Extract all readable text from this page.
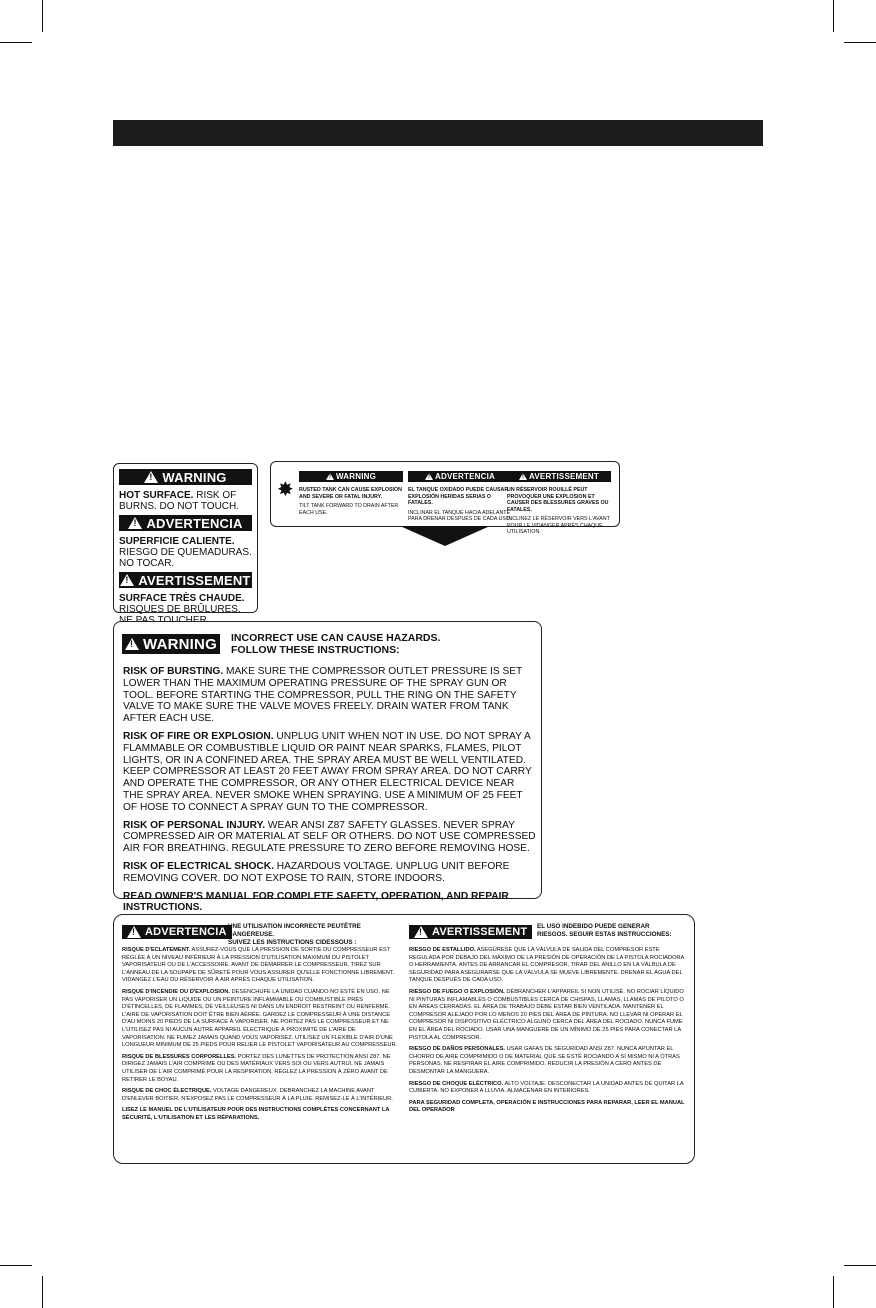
!
WARNING
HOT SURFACE. RISK OF BURNS. DO NOT TOUCH.
!
ADVERTENCIA
SUPERFICIE CALIENTE. RIESGO DE QUEMADURAS. NO TOCAR.
!
AVERTISSEMENT
SURFACE TRÈS CHAUDE. RISQUES DE BRÛLURES.
✸
!
WARNING
RUSTED TANK CAN CAUSE EXPLOSION AND SEVERE OR FATAL INJURY.
TILT TANK FORWARD TO DRAIN AFTER EACH USE.
!
ADVERTENCIA
EL TANQUE OXIDADO PUEDE CAUSAR EXPLOSIÓN HERIDAS SERIAS O FATALES.
INCLINAR EL TANQUE HACIA ADELANTE PARA DRENAR DESPUÉS DE CADA USO.
!
AVERTISSEMENT
UN RÉSERVOIR ROUILLÉ PEUT PROVOQUER UNE EXPLOSION ET CAUSER DES BLESSURES GRAVES OU FATALES.
INCLINEZ LE RÉSERVOIR VERS L'AVANT POUR LE VIDANGER APRÈS CHAQUE UTILISATION.
!
WARNING INCORRECT USE CAN CAUSE HAZARDS.
FOLLOW THESE INSTRUCTIONS:

RISK OF BURSTING. MAKE SURE THE COMPRESSOR OUTLET PRESSURE IS SET LOWER THAN THE MAXIMUM OPERATING PRESSURE OF THE SPRAY GUN OR TOOL. BEFORE STARTING THE COMPRESSOR, PULL THE RING ON THE SAFETY VALVE TO MAKE SURE THE VALVE MOVES FREELY. DRAIN WATER FROM TANK AFTER EACH USE.

RISK OF FIRE OR EXPLOSION. UNPLUG UNIT WHEN NOT IN USE. DO NOT SPRAY A FLAMMABLE OR COMBUSTIBLE LIQUID OR PAINT NEAR SPARKS, FLAMES, PILOT LIGHTS, OR IN A CONFINED AREA. THE SPRAY AREA MUST BE WELL VENTILATED. KEEP COMPRESSOR AT LEAST 20 FEET AWAY FROM SPRAY AREA. DO NOT CARRY AND OPERATE THE COMPRESSOR, OR ANY OTHER ELECTRICAL DEVICE NEAR THE SPRAY AREA. NEVER SMOKE WHEN SPRAYING. USE A MINIMUM OF 25 FEET OF HOSE TO CONNECT A SPRAY GUN TO THE COMPRESSOR.

RISK OF PERSONAL INJURY. WEAR ANSI Z87 SAFETY GLASSES. NEVER SPRAY COMPRESSED AIR OR MATERIAL AT SELF OR OTHERS. DO NOT USE COMPRESSED AIR FOR BREATHING. REGULATE PRESSURE TO ZERO BEFORE REMOVING HOSE.

RISK OF ELECTRICAL SHOCK. HAZARDOUS VOLTAGE. UNPLUG UNIT BEFORE REMOVING COVER. DO NOT EXPOSE TO RAIN, STORE INDOORS.

READ OWNER'S MANUAL FOR COMPLETE SAFETY, OPERATION, AND REPAIR INSTRUCTIONS.

!
ADVERTENCIA UNE UTILISATION INCORRECTE PEUTÊTRE DANGEREUSE.
SUIVEZ LES INSTRUCTIONS CIDESSOUS :

RISQUE D'ECLATEMENT. ASSUREZ-VOUS QUE LA PRESSION DE SORTIE DU COMPRESSEUR EST RÉGLÉE À UN NIVEAU INFÉRIEUR À LA PRESSION D'UTILISATION MAXIMUM DU PISTOLET VAPORISATEUR OU DE L'ACCESSOIRE. AVANT DE DÉMARRER LE COMPRESSEUR, TIREZ SUR L'ANNEAU DE LA SOUPAPE DE SÛRETÉ POUR VOUS ASSURER QU'ELLE FONCTIONNE LIBREMENT. VIDANGEZ L'EAU DU RÉSERVOIR À AIR APRÈS CHAQUE UTILISATION.

RISQUE D'INCENDIE OU D'EXPLOSION. DESENCHUFE LA UNIDAD CUANDO NO ESTÉ EN USO. NE PAS VAPORISER UN LIQUIDE OU UN PEINTURE INFLAMMABLE OU COMBUSTIBLE PRÈS D'ÉTINCELLES, DE FLAMMES, DE VEILLEUSES NI DANS UN ENDROIT RESTREINT OU RENFERMÉ. L'AIRE DE VAPORISATION DOIT ÊTRE BIEN AÉRÉE. GARDEZ LE COMPRESSEUR À UNE DISTANCE D'AU MOINS 20 PIEDS DE LA SURFACE À VAPORISER. NE PORTEZ PAS LE COMPRESSEUR ET NE L'UTILISEZ PAS NI AUCUN AUTRE APPAREIL ÉLECTRIQUE À PROXIMITÉ DE L'AIRE DE VAPORISATION. NE FUMEZ JAMAIS QUAND VOUS VAPORISEZ. UTILISEZ UN FLEXIBLE D'AIR D'UNE LONGUEUR MINIMUM DE 25 PIEDS POUR RELIER LE PISTOLET VAPORISATEUR AU COMPRESSEUR.

RISQUE DE BLESSURES CORPORELLES. PORTEZ DES LUNETTES DE PROTECTION ANSI Z87. NE DIRIGEZ JAMAIS L'AIR COMPRIME OU DES MATÉRIAUX VERS SOI OU VERS AUTRUI. NE JAMAIS UTILISER DE L'AIR COMPRIMÉ POUR LA RESPIRATION. RÉGLEZ LA PRESSION À ZÉRO AVANT DE RETIRER LE BOYAU.

RISQUE DE CHOC ÉLECTRIQUE. VOLTAGE DANGEREUX. DEBRANCHEZ LA MACHINE AVANT D'ENLEVER BOITIER. N'EXPOSEZ PAS LE COMPRESSEUR À LA PLUIE. REMISEZ-LE À L'INTÉRIEUR.

LISEZ LE MANUEL DE L'UTILISATEUR POUR DES INSTRUCTIONS COMPLÈTES CONCERNANT LA SÉCURITÉ, L'UTILISATION ET LES RÉPARATIONS.

!
AVERTISSEMENT EL USO INDEBIDO PUEDE GENERAR
RIESGOS. SEGUIR ESTAS INSTRUCCIONES:

RIESGO DE ESTALLIDO. ASEGÚRESE QUE LA VÁLVULA DE SALIDA DEL COMPRESOR ESTE REGULADA POR DEBAJO DEL MÁXIMO DE LA PRESIÓN DE OPERACIÓN DE LA PISTOLA ROCIADORA O HERRAMIENTA. ANTES DE ARRANCAR EL COMPRESOR, TIRAR DEL ANILLO EN LA VÁLBULA DE SEGURIDAD PARA ASEGURARSE QUE LA VÁLVULA SE MUEVE LIBREMENTE. DRENAR EL AGUA DEL TANQUE DESPUÉS DE CADA USO.

RIESGO DE FUEGO O EXPLOSIÓN. DÉBRANCHER L'APPAREIL SI NON UTILISÉ. NO ROCIAR LÍQUIDO NI PINTURAS INFLAMABLES O COMBUSTIBLES CERCA DE CHISPAS, LLAMAS, LLAMAS DE PILOTO O EN ÁREAS CERRADAS. EL ÁREA DE TRABAJO DEBE ESTAR BIEN VENTILADA. MANTENER EL COMPRESOR ALEJADO POR LO MENOS 20 PIES DEL ÁREA DE PINTURA. NO LLEVAR NI OPERAR EL COMPRESOR NI DISPOSITIVO ELÉCTRICO ALGUNO CERCA DEL ÁREA DEL ROCIADO. NUNCA FUME EN EL ÁREA DEL ROCIADO. USAR UNA MANGUERE DE UN MÍNIMO DE 25 PIES PARA CONECTAR LA PISTOLA AL COMPRESOR.

RIESGO DE DAÑOS PERSONALES. USAR GAFAS DE SEGURIDAD ANSI Z87. NUNCA APUNTAR EL CHORRO DE AIRE COMPRIMIDO O DE MATERIAL QUE SE ESTÉ ROCIANDO A SÍ MISMO NI A OTRAS PERSONAS. NE RESPIRAR EL AIRE COMPRIMIDO. REDUCIR LA PRESIÓN A CERO ANTES DE DESMONTAR LA MANGUERA.

RIESGO DE CHOQUE ELÉCTRICO. ALTO VOLTAJE. DESCONECTAR LA UNIDAD ANTES DE QUITAR LA CUBIERTA. NO EXPONER A LLUVIA. ALMACENAR EN INTERIORES.

PARA SEGURIDAD COMPLETA, OPERACIÓN E INSTRUCCIONES PARA REPARAR, LEER EL MANUAL DEL OPERADOR
